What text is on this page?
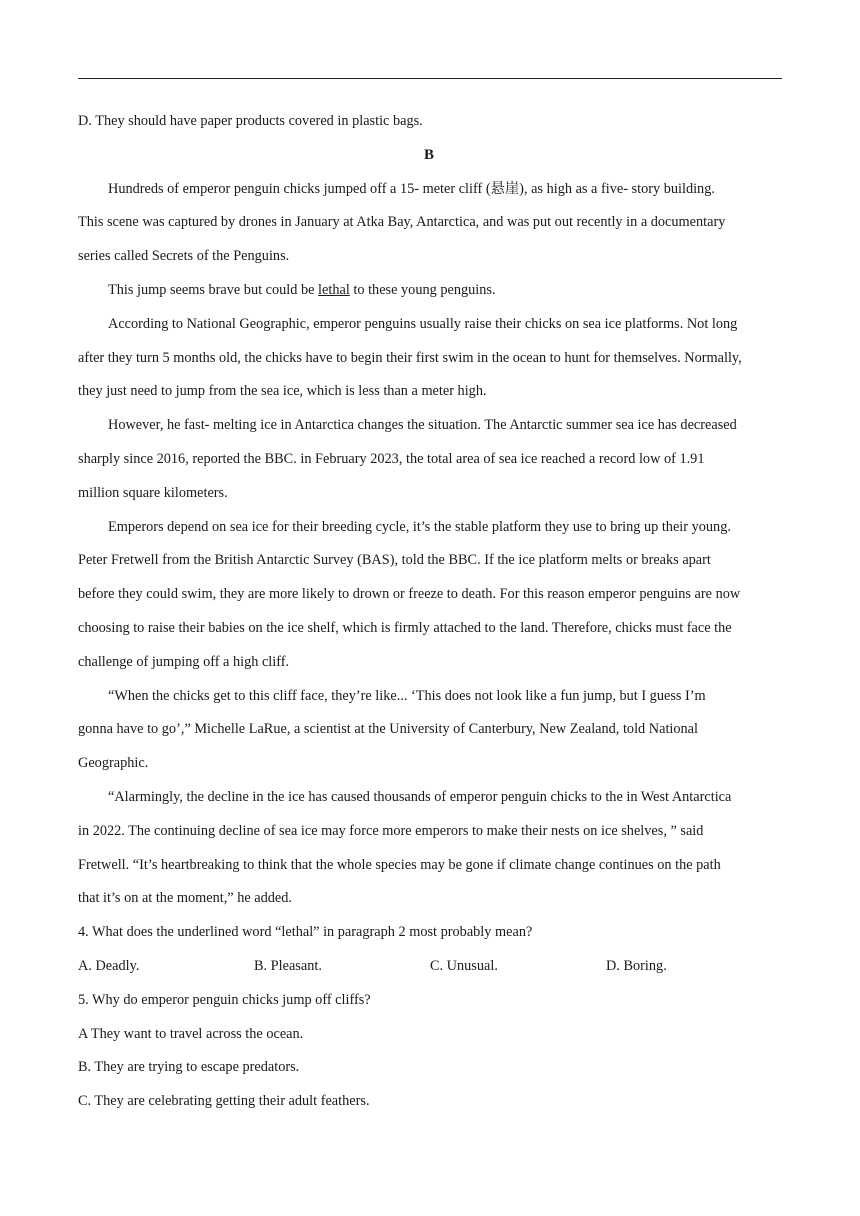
D. They should have paper products covered in plastic bags.
B
Hundreds of emperor penguin chicks jumped off a 15- meter cliff (悬崖), as high as a five- story building.
This scene was captured by drones in January at Atka Bay, Antarctica, and was put out recently in a documentary
series called Secrets of the Penguins.
This jump seems brave but could be lethal to these young penguins.
According to National Geographic, emperor penguins usually raise their chicks on sea ice platforms. Not long
after they turn 5 months old, the chicks have to begin their first swim in the ocean to hunt for themselves. Normally,
they just need to jump from the sea ice, which is less than a meter high.
However, he fast- melting ice in Antarctica changes the situation. The Antarctic summer sea ice has decreased
sharply since 2016, reported the BBC. in February 2023, the total area of sea ice reached a record low of 1.91
million square kilometers.
Emperors depend on sea ice for their breeding cycle, it’s the stable platform they use to bring up their young.
Peter Fretwell from the British Antarctic Survey (BAS), told the BBC. If the ice platform melts or breaks apart
before they could swim, they are more likely to drown or freeze to death. For this reason emperor penguins are now
choosing to raise their babies on the ice shelf, which is firmly attached to the land. Therefore, chicks must face the
challenge of jumping off a high cliff.
“When the chicks get to this cliff face, they’re like... ‘This does not look like a fun jump, but I guess I’m
gonna have to go’,” Michelle LaRue, a scientist at the University of Canterbury, New Zealand, told National
Geographic.
“Alarmingly, the decline in the ice has caused thousands of emperor penguin chicks to the in West Antarctica
in 2022. The continuing decline of sea ice may force more emperors to make their nests on ice shelves, ” said
Fretwell. “It’s heartbreaking to think that the whole species may be gone if climate change continues on the path
that it’s on at the moment,” he added.
4. What does the underlined word “lethal” in paragraph 2 most probably mean?
A. Deadly.	B. Pleasant.	C. Unusual.	D. Boring.
5. Why do emperor penguin chicks jump off cliffs?
A They want to travel across the ocean.
B. They are trying to escape predators.
C. They are celebrating getting their adult feathers.
